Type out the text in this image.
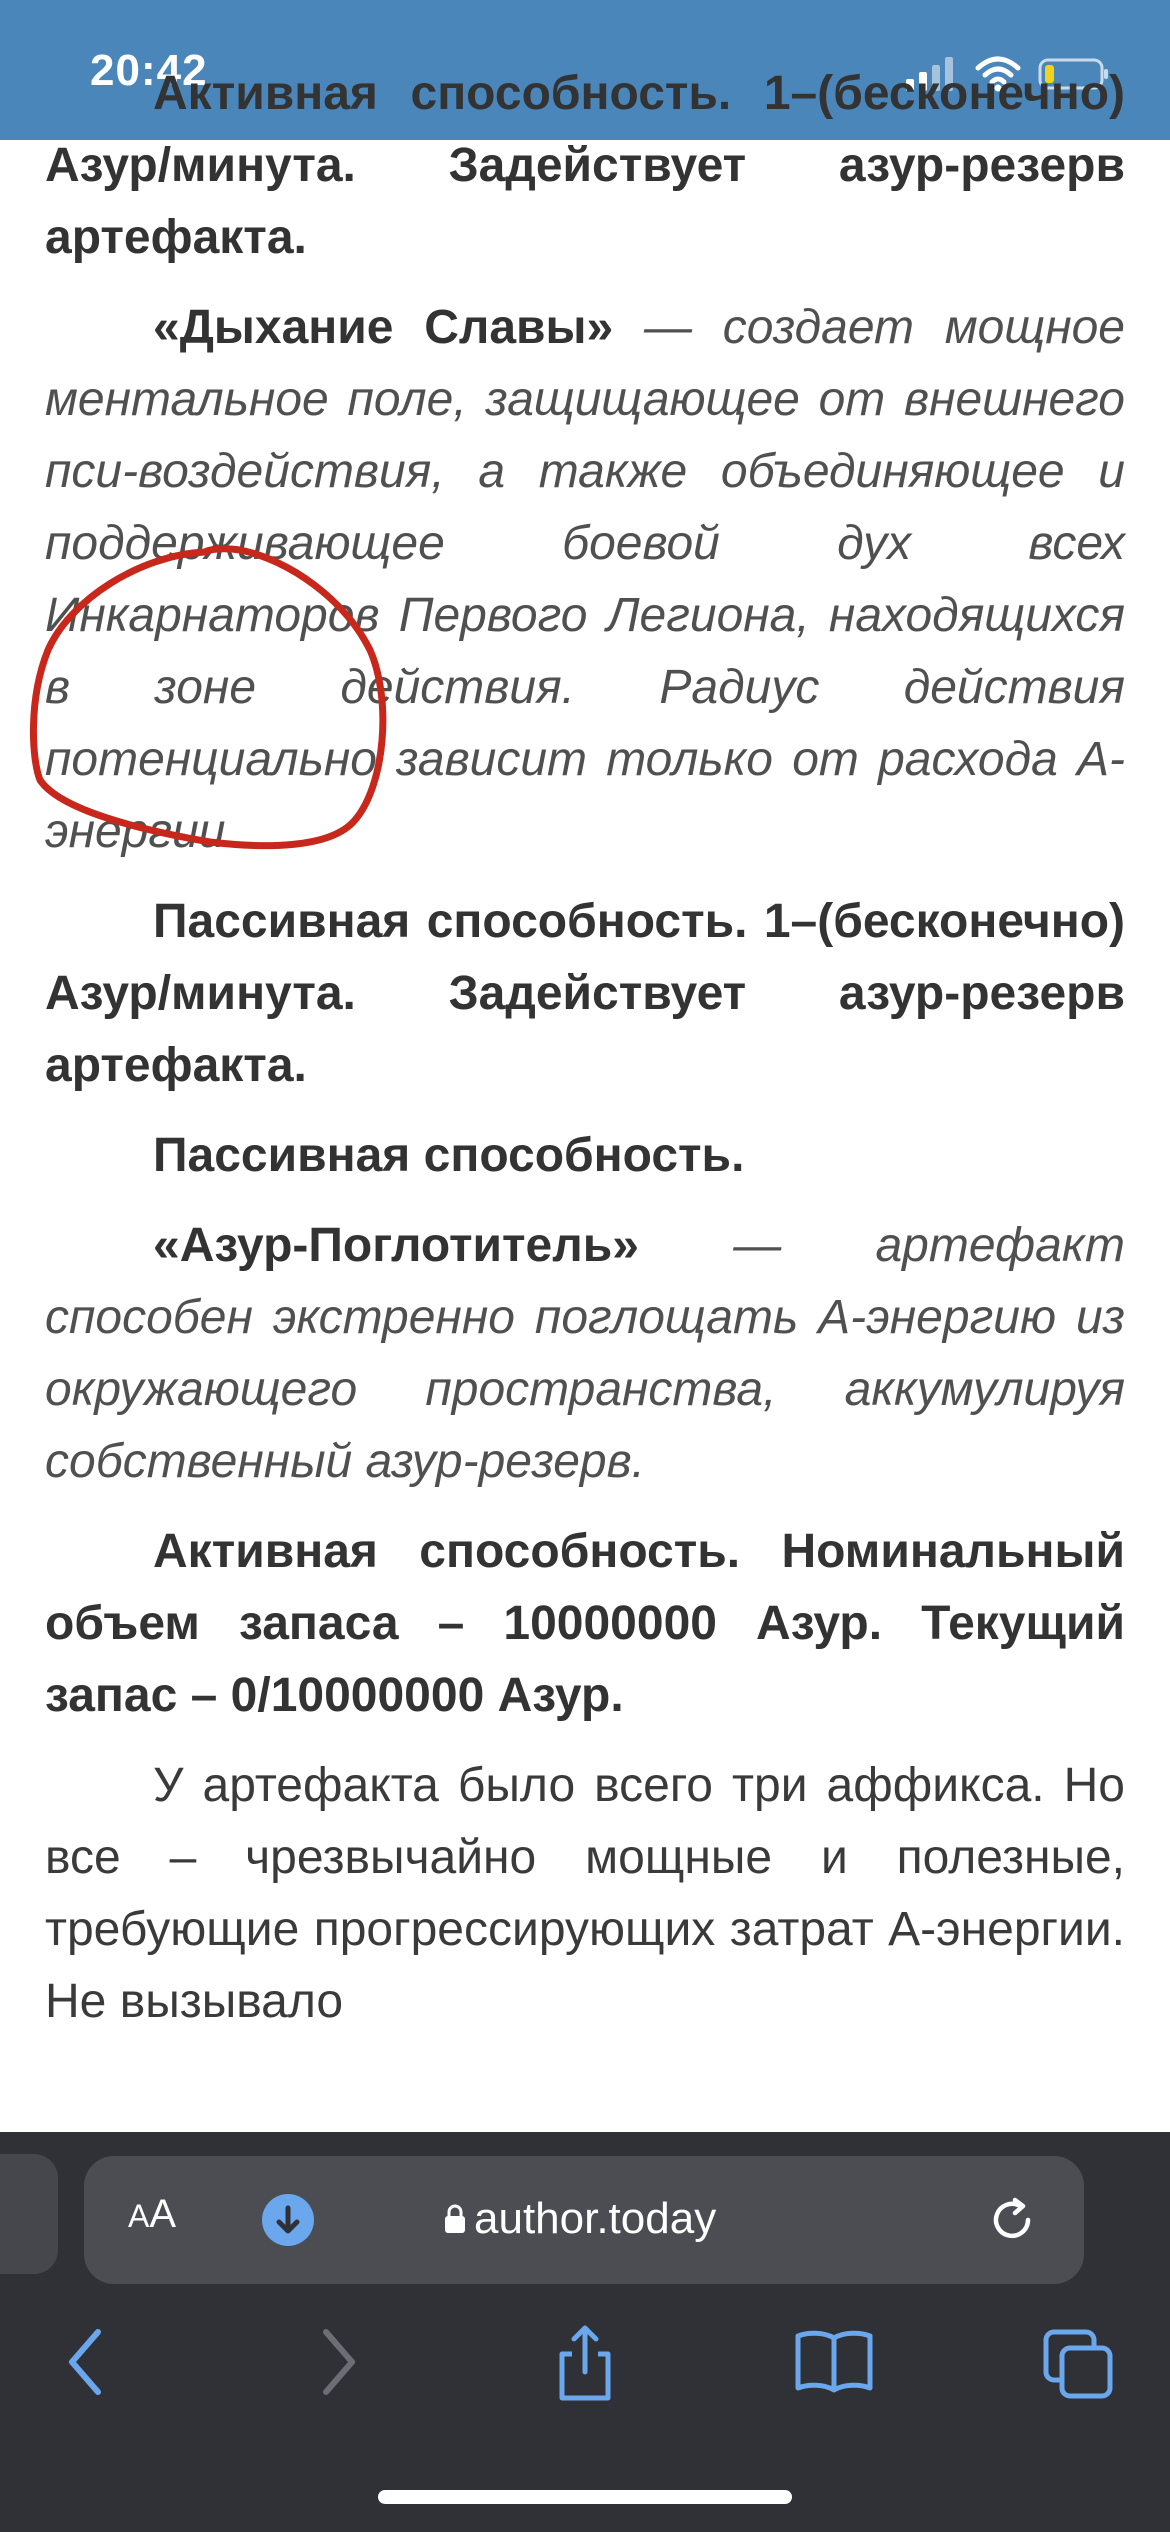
20:42

Активная способность. 1–(бесконечно) Азур/минута. Задействует азур-резерв артефакта.

«Дыхание Славы» — создает мощное ментальное поле, защищающее от внешнего пси-воздействия, а также объединяющее и поддерживающее боевой дух всех Инкарнаторов Первого Легиона, находящихся в зоне действия. Радиус действия потенциально зависит только от расхода А-энергии

Пассивная способность. 1–(бесконечно) Азур/минута. Задействует азур-резерв артефакта.

Пассивная способность.

«Азур-Поглотитель» — артефакт способен экстренно поглощать А-энергию из окружающего пространства, аккумулируя собственный азур-резерв.

Активная способность. Номинальный объем запаса – 10000000 Азур. Текущий запас – 0/10000000 Азур.

У артефакта было всего три аффикса. Но все – чрезвычайно мощные и полезные, требующие прогрессирующих затрат А-энергии. Не вызывало

AA	author.today
